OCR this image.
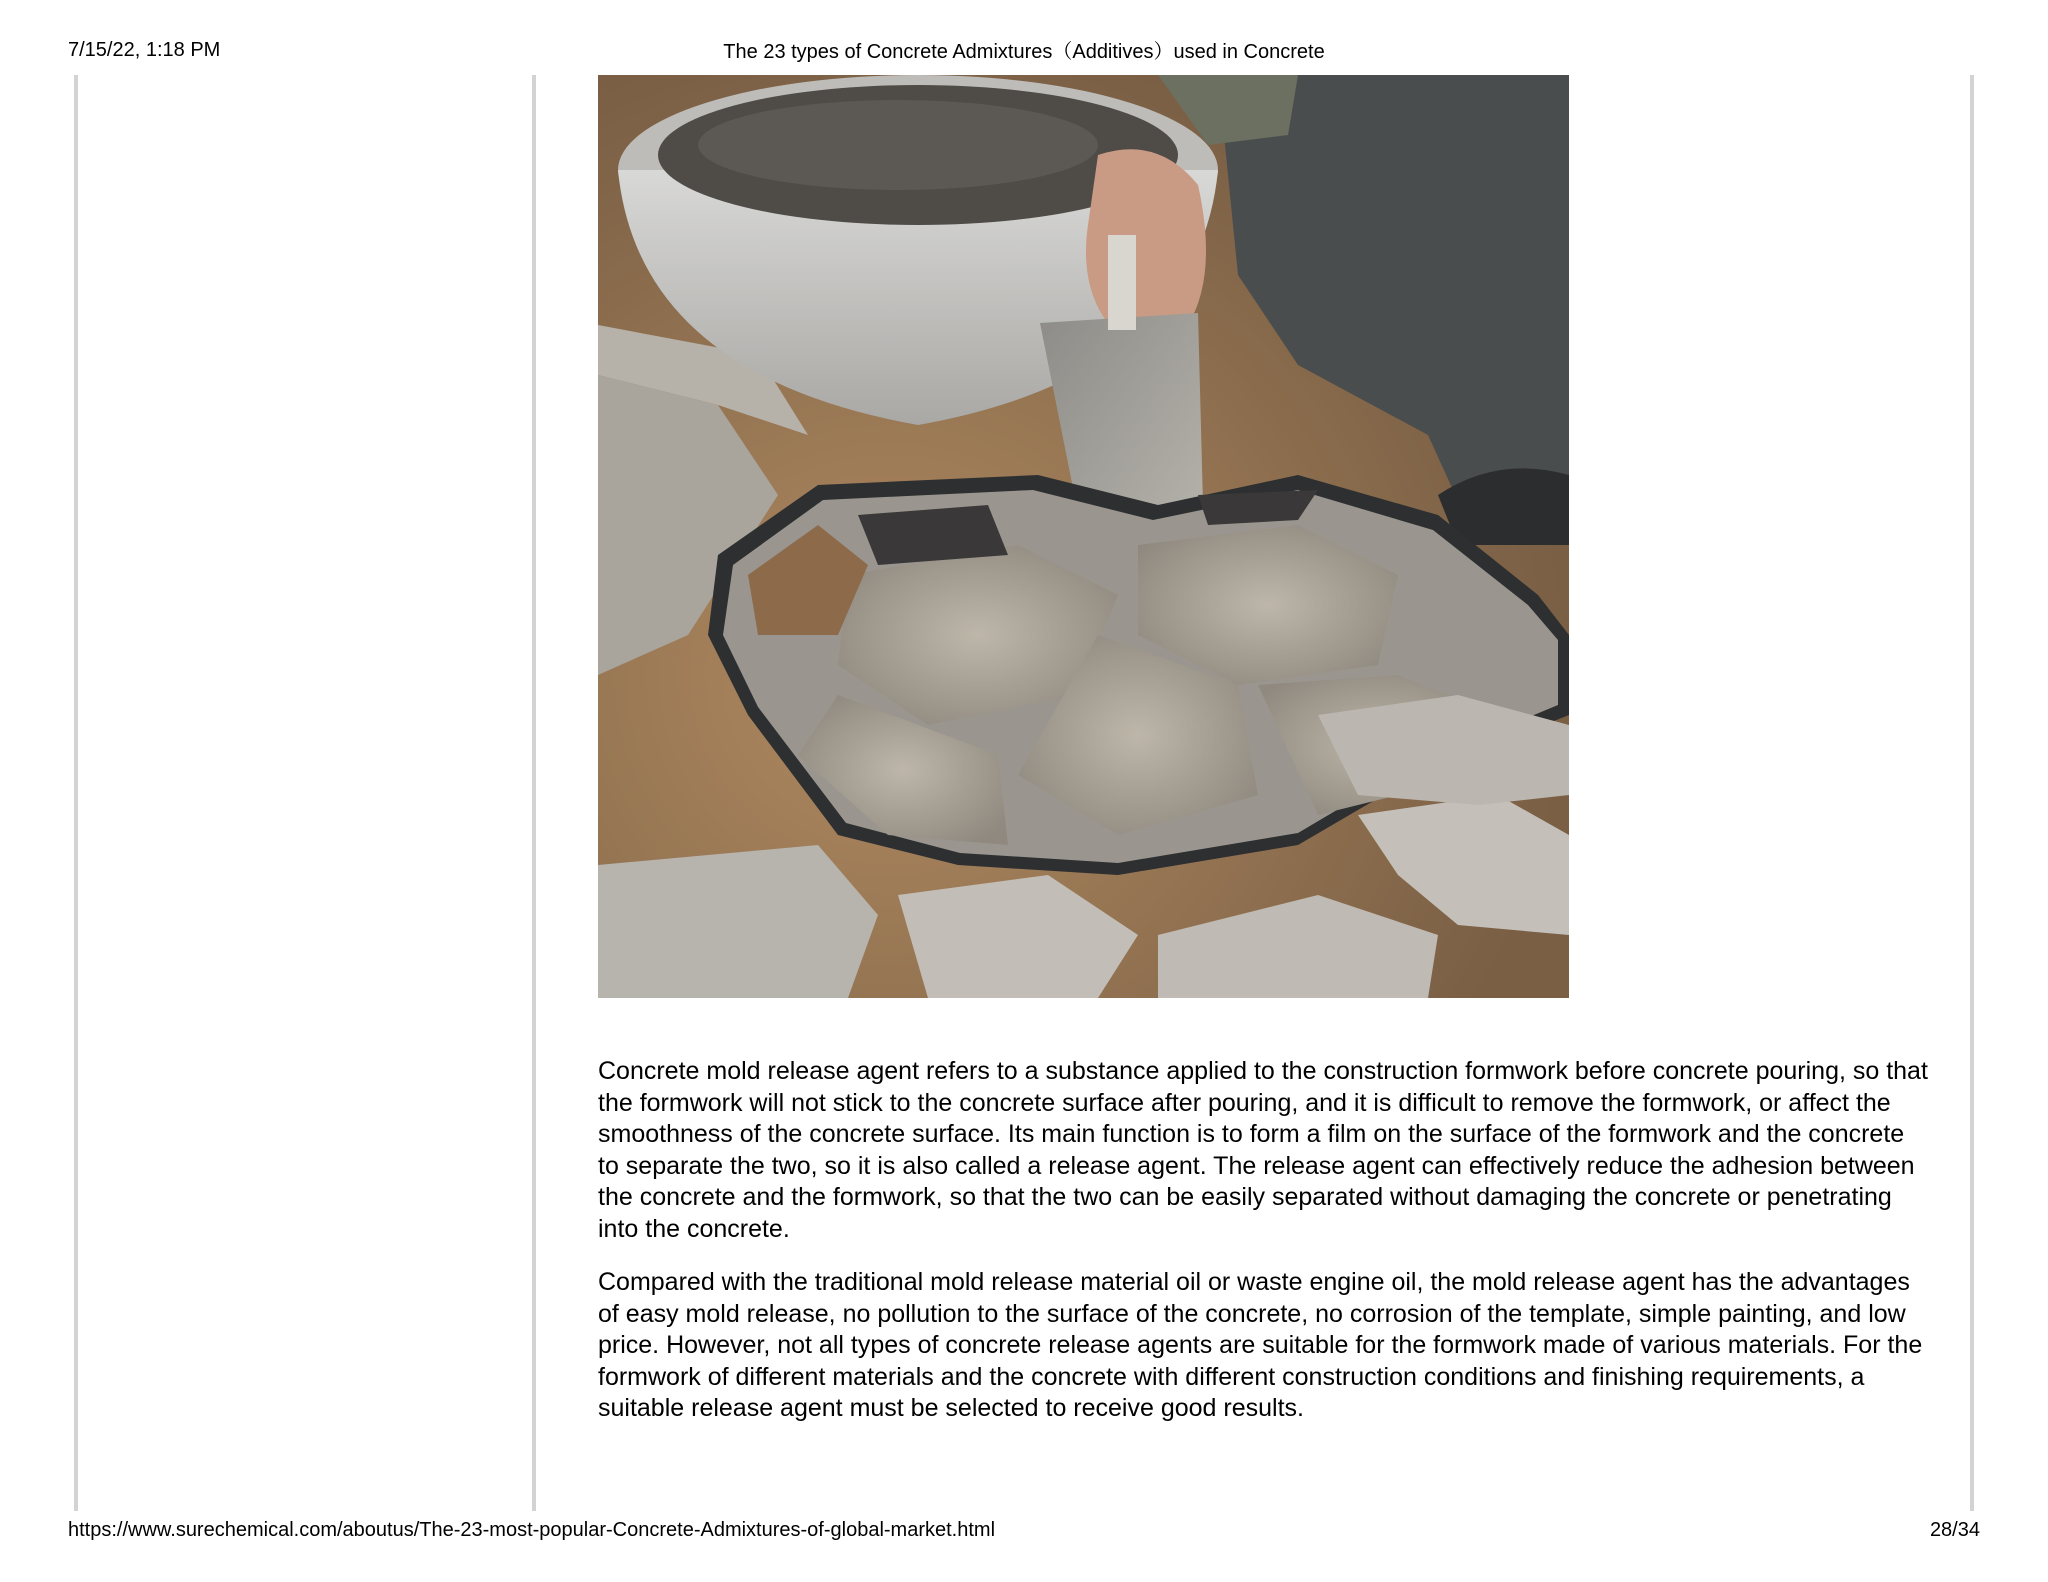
7/15/22, 1:18 PM	The 23 types of Concrete Admixtures（Additives）used in Concrete

Concrete mold release agent refers to a substance applied to the construction formwork before concrete pouring, so that the formwork will not stick to the concrete surface after pouring, and it is difficult to remove the formwork, or affect the smoothness of the concrete surface. Its main function is to form a film on the surface of the formwork and the concrete to separate the two, so it is also called a release agent. The release agent can effectively reduce the adhesion between the concrete and the formwork, so that the two can be easily separated without damaging the concrete or penetrating into the concrete.

Compared with the traditional mold release material oil or waste engine oil, the mold release agent has the advantages of easy mold release, no pollution to the surface of the concrete, no corrosion of the template, simple painting, and low price. However, not all types of concrete release agents are suitable for the formwork made of various materials. For the formwork of different materials and the concrete with different construction conditions and finishing requirements, a suitable release agent must be selected to receive good results.

https://www.surechemical.com/aboutus/The-23-most-popular-Concrete-Admixtures-of-global-market.html	28/34
